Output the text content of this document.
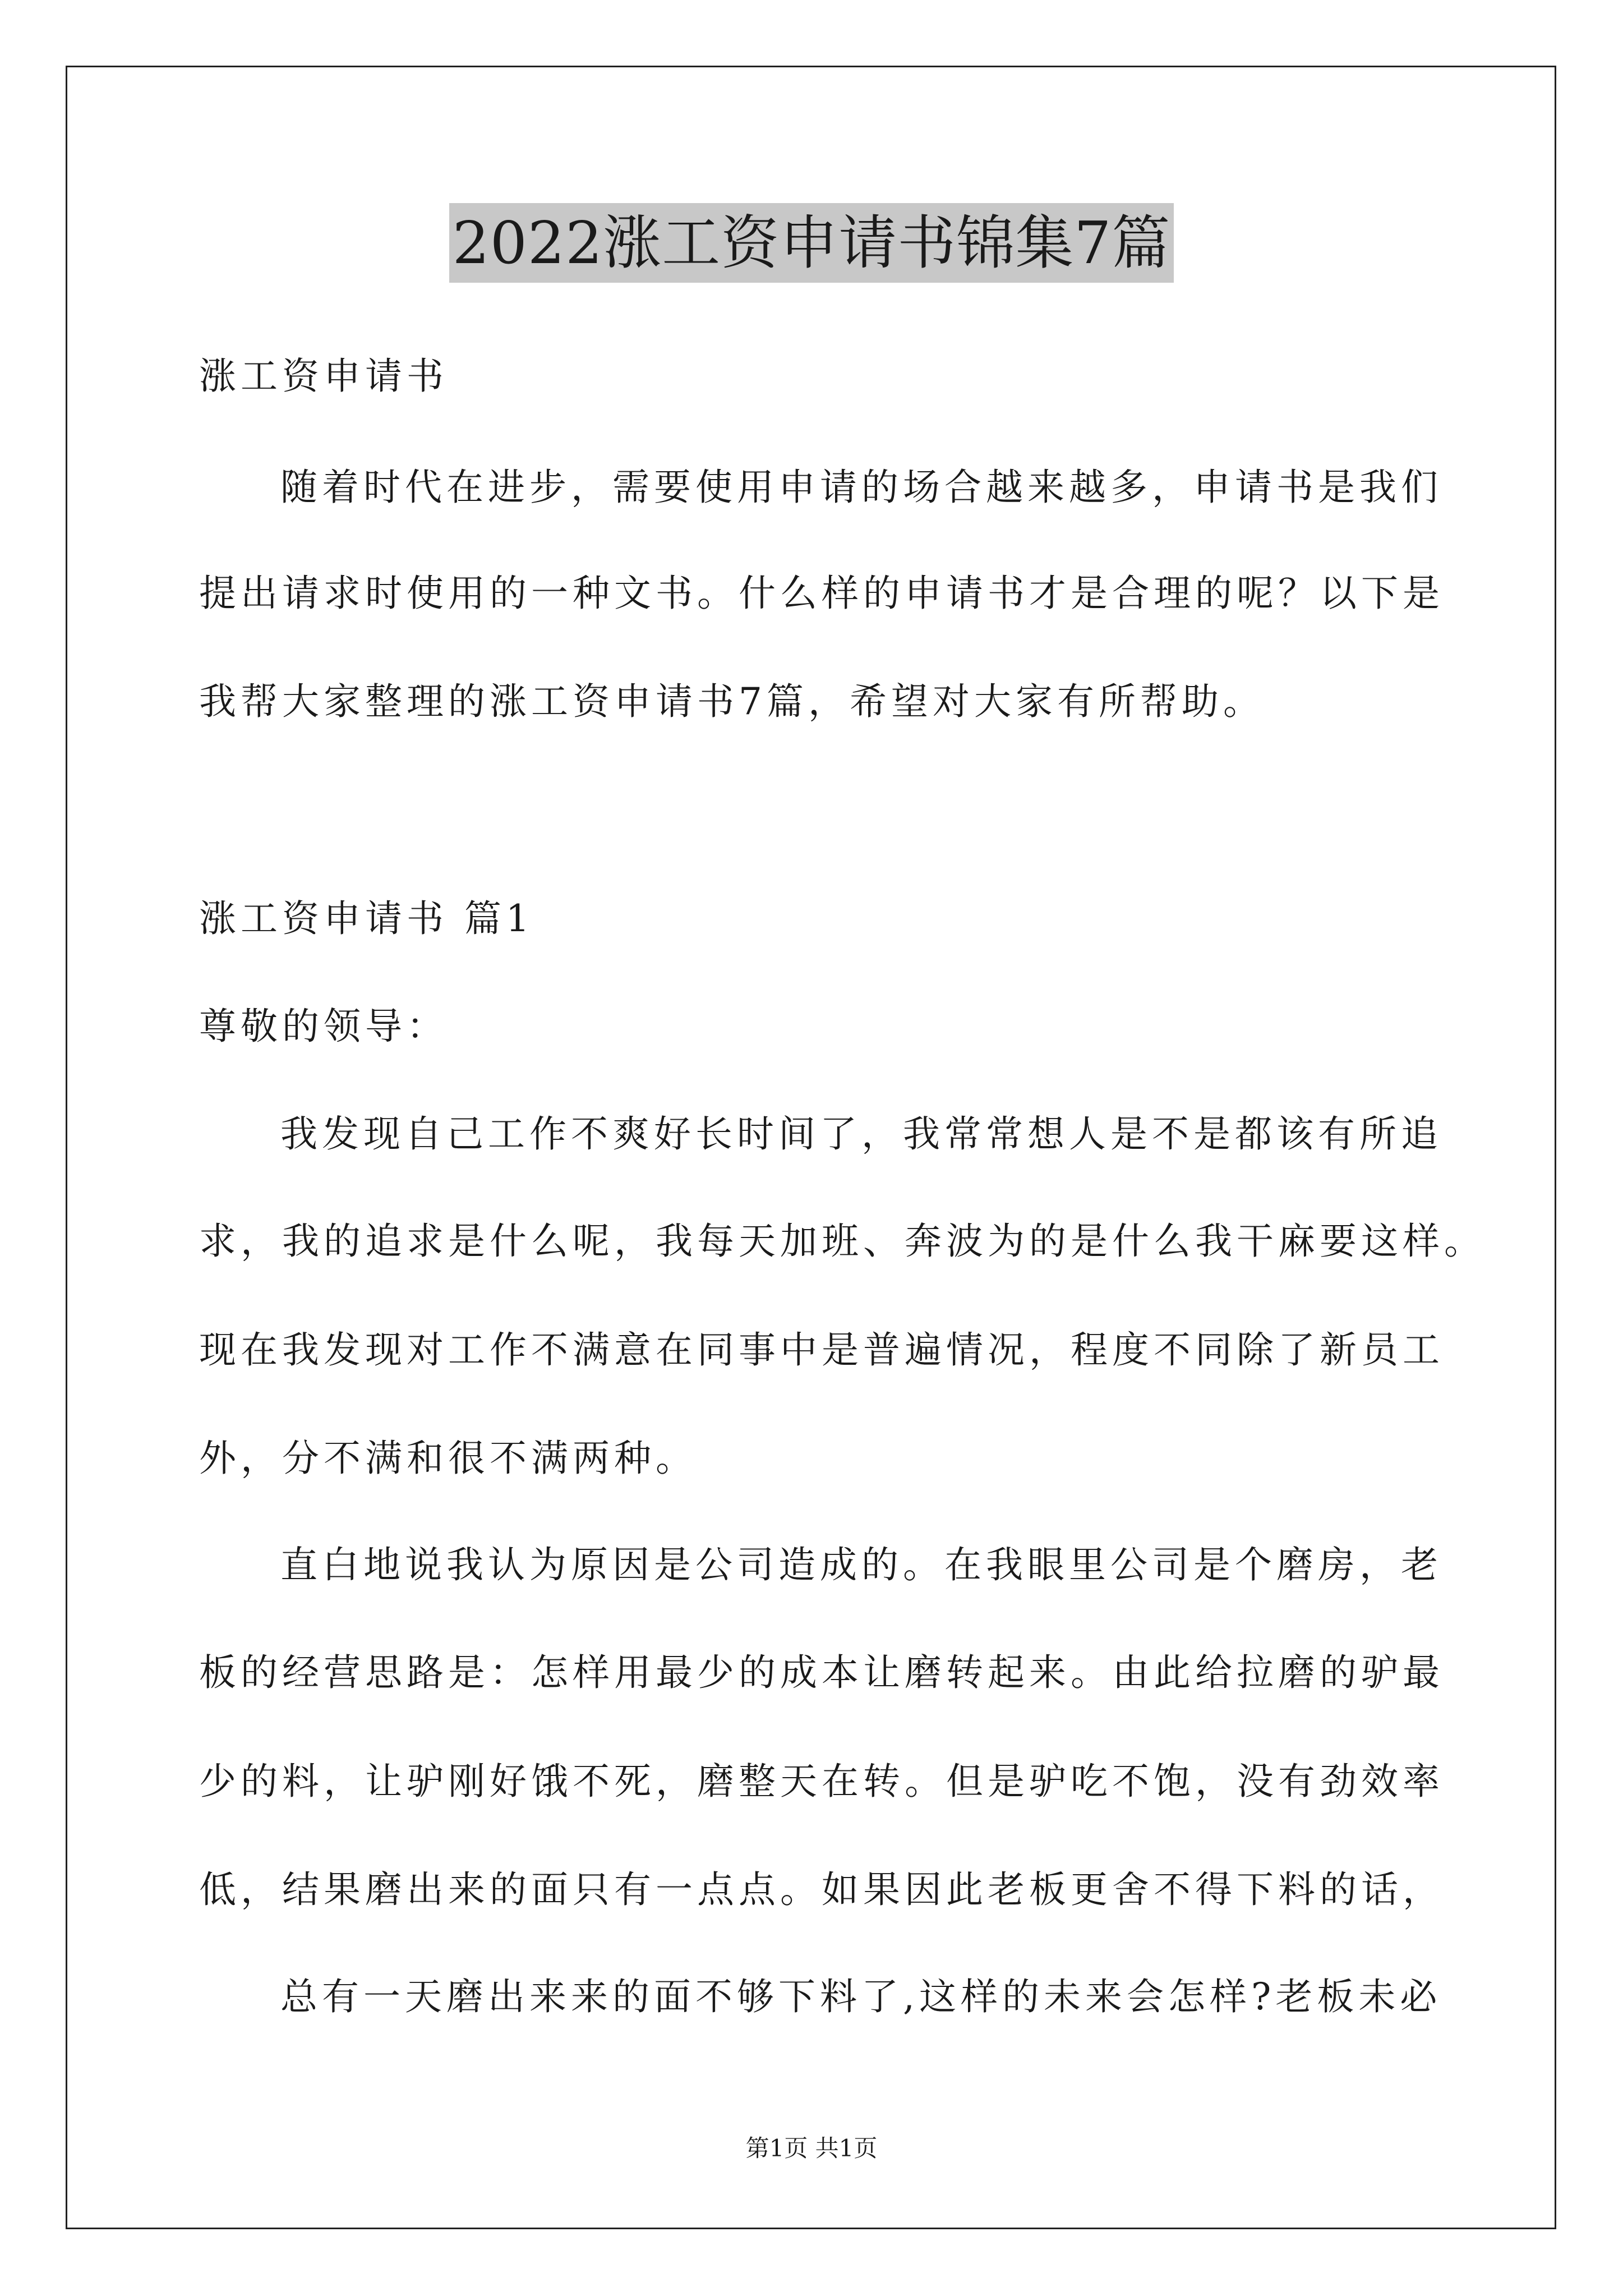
2022涨工资申请书锦集7篇
涨工资申请书
随着时代在进步，需要使用申请的场合越来越多，申请书是我们
提出请求时使用的一种文书。什么样的申请书才是合理的呢？以下是
我帮大家整理的涨工资申请书7篇，希望对大家有所帮助。
涨工资申请书 篇1
尊敬的领导：
我发现自己工作不爽好长时间了，我常常想人是不是都该有所追
求，我的追求是什么呢，我每天加班、奔波为的是什么我干麻要这样。
现在我发现对工作不满意在同事中是普遍情况，程度不同除了新员工
外，分不满和很不满两种。
直白地说我认为原因是公司造成的。在我眼里公司是个磨房，老
板的经营思路是：怎样用最少的成本让磨转起来。由此给拉磨的驴最
少的料，让驴刚好饿不死，磨整天在转。但是驴吃不饱，没有劲效率
低，结果磨出来的面只有一点点。如果因此老板更舍不得下料的话，
总有一天磨出来来的面不够下料了,这样的未来会怎样?老板未必
第1页 共1页
